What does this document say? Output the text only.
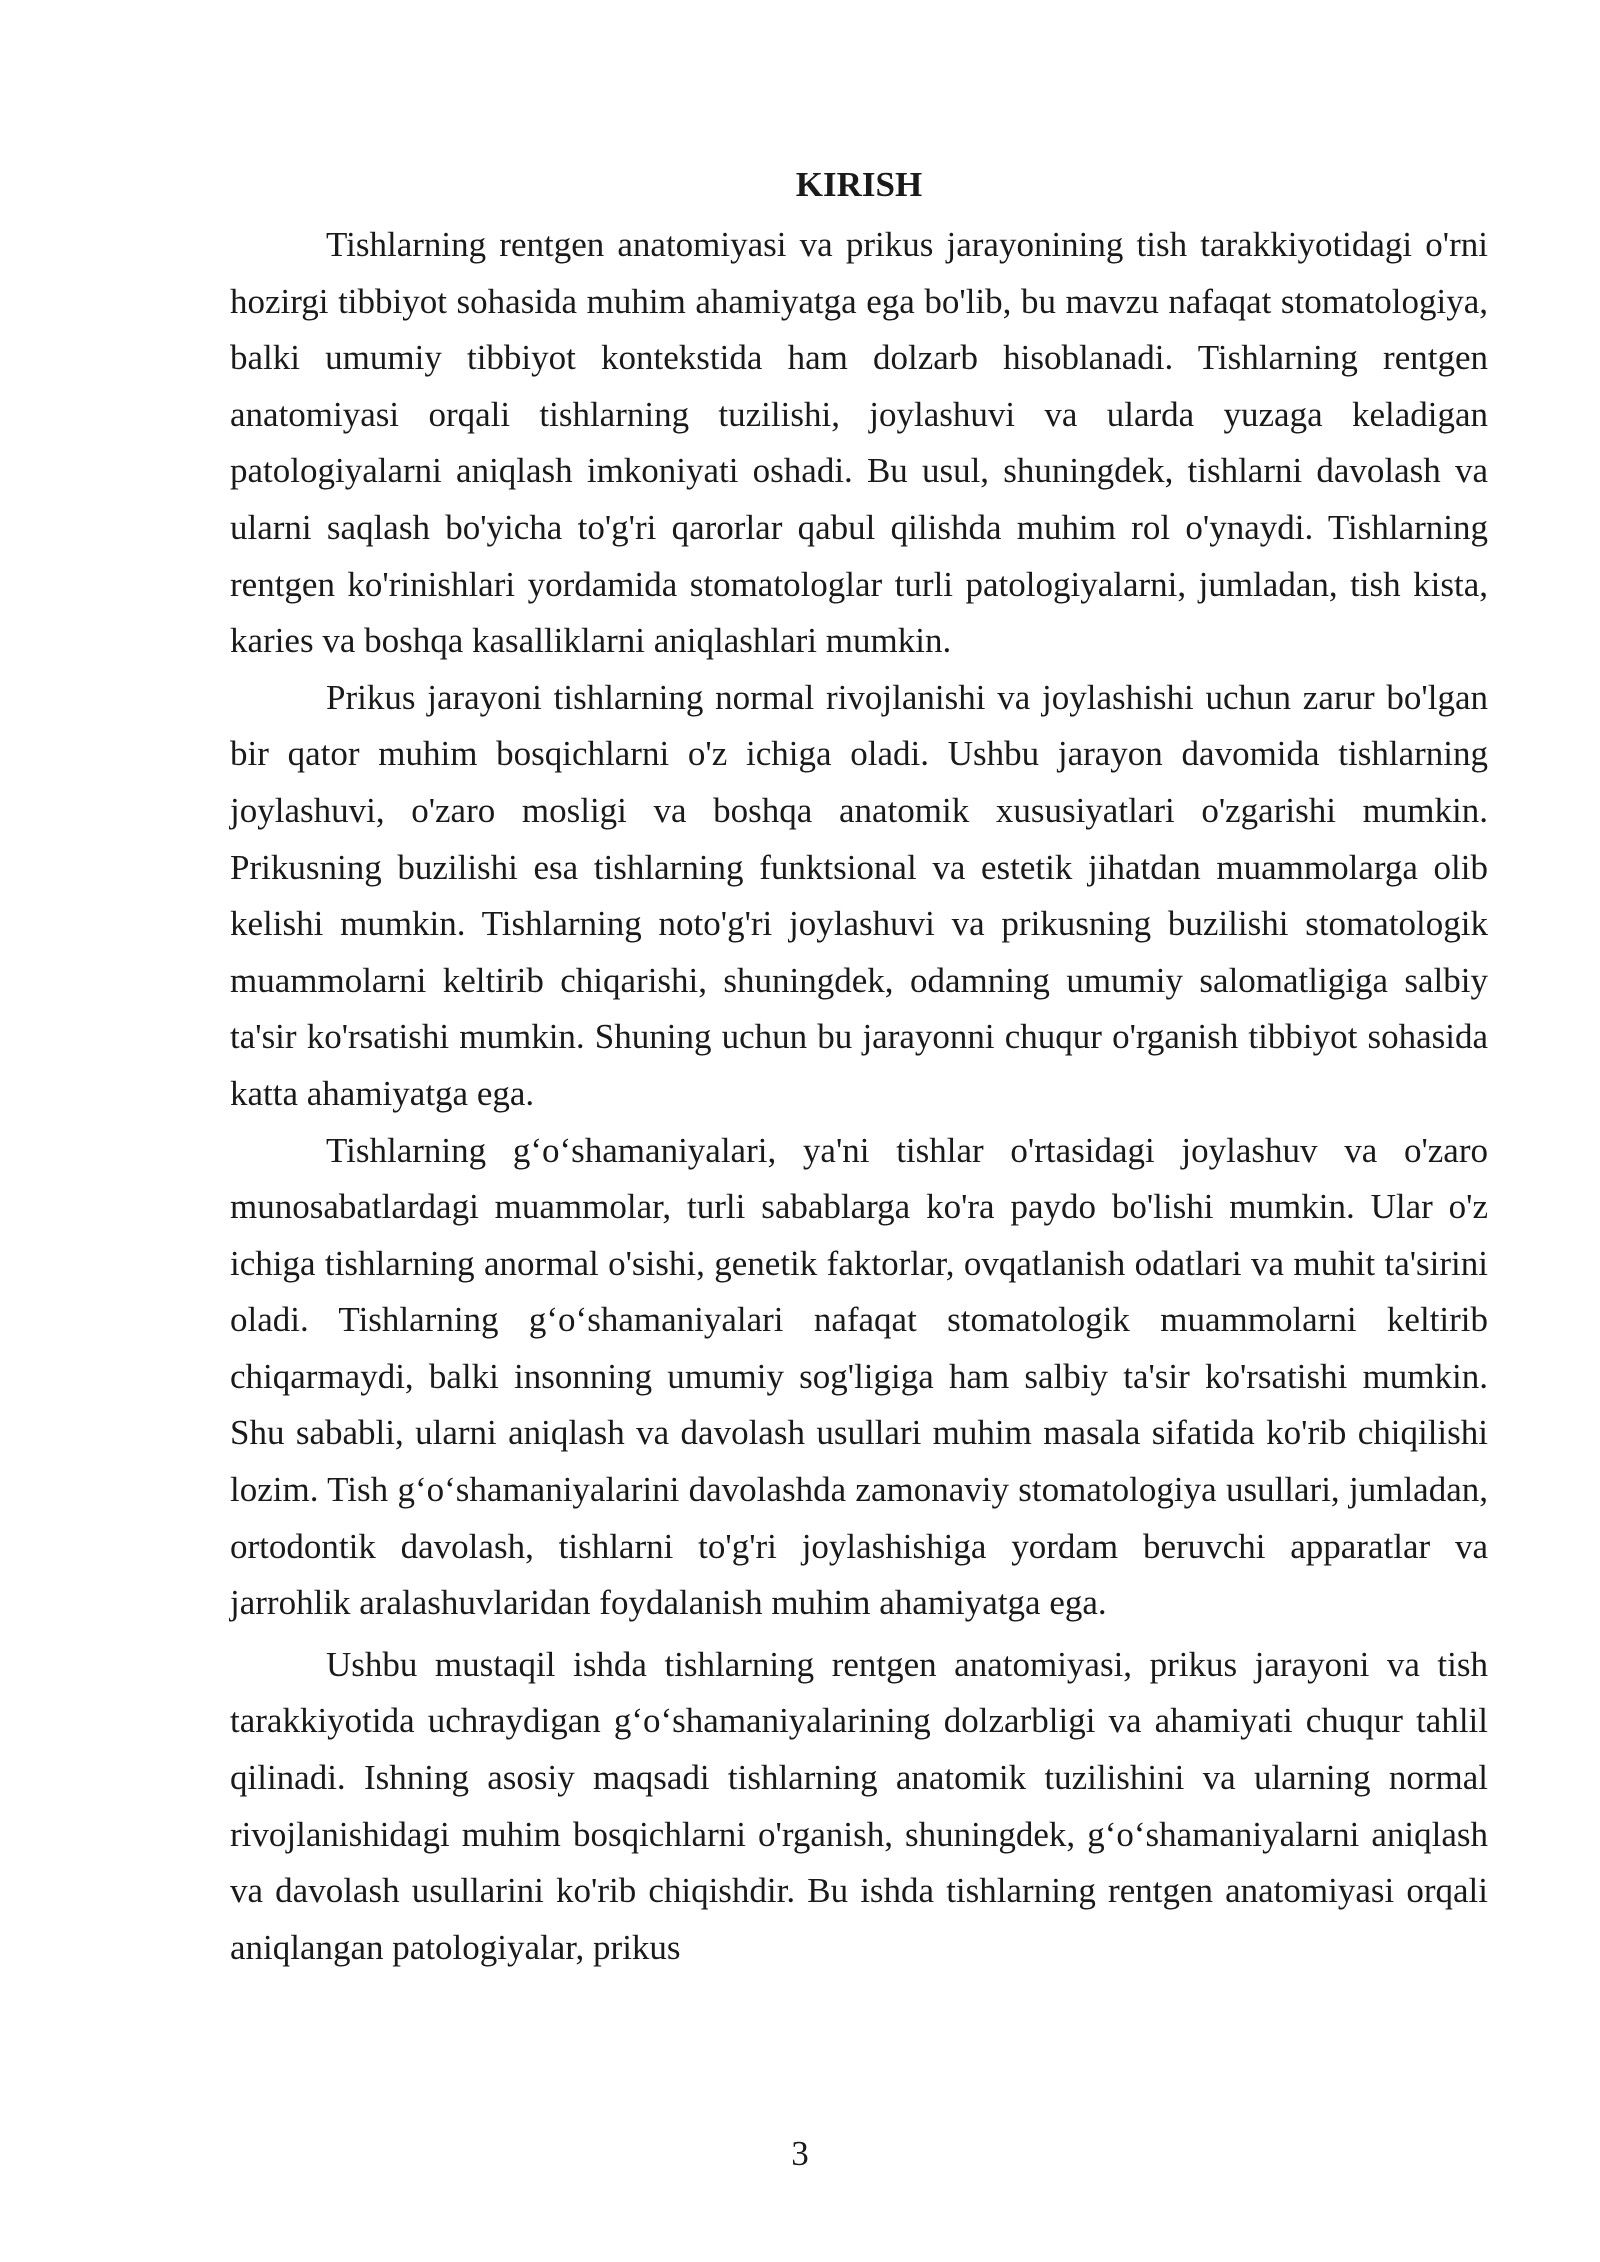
KIRISH

Tishlarning rentgen anatomiyasi va prikus jarayonining tish tarakkiyotidagi o'rni hozirgi tibbiyot sohasida muhim ahamiyatga ega bo'lib, bu mavzu nafaqat stomatologiya, balki umumiy tibbiyot kontekstida ham dolzarb hisoblanadi. Tishlarning rentgen anatomiyasi orqali tishlarning tuzilishi, joylashuvi va ularda yuzaga keladigan patologiyalarni aniqlash imkoniyati oshadi. Bu usul, shuningdek, tishlarni davolash va ularni saqlash bo'yicha to'g'ri qarorlar qabul qilishda muhim rol o'ynaydi. Tishlarning rentgen ko'rinishlari yordamida stomatologlar turli patologiyalarni, jumladan, tish kista, karies va boshqa kasalliklarni aniqlashlari mumkin.

Prikus jarayoni tishlarning normal rivojlanishi va joylashishi uchun zarur bo'lgan bir qator muhim bosqichlarni o'z ichiga oladi. Ushbu jarayon davomida tishlarning joylashuvi, o'zaro mosligi va boshqa anatomik xususiyatlari o'zgarishi mumkin. Prikusning buzilishi esa tishlarning funktsional va estetik jihatdan muammolarga olib kelishi mumkin. Tishlarning noto'g'ri joylashuvi va prikusning buzilishi stomatologik muammolarni keltirib chiqarishi, shuningdek, odamning umumiy salomatligiga salbiy ta'sir ko'rsatishi mumkin. Shuning uchun bu jarayonni chuqur o'rganish tibbiyot sohasida katta ahamiyatga ega.

Tishlarning g‘o‘shamaniyalari, ya'ni tishlar o'rtasidagi joylashuv va o'zaro munosabatlardagi muammolar, turli sabablarga ko'ra paydo bo'lishi mumkin. Ular o'z ichiga tishlarning anormal o'sishi, genetik faktorlar, ovqatlanish odatlari va muhit ta'sirini oladi. Tishlarning g‘o‘shamaniyalari nafaqat stomatologik muammolarni keltirib chiqarmaydi, balki insonning umumiy sog'ligiga ham salbiy ta'sir ko'rsatishi mumkin. Shu sababli, ularni aniqlash va davolash usullari muhim masala sifatida ko'rib chiqilishi lozim. Tish g‘o‘shamaniyalarini davolashda zamonaviy stomatologiya usullari, jumladan, ortodontik davolash, tishlarni to'g'ri joylashishiga yordam beruvchi apparatlar va jarrohlik aralashuvlaridan foydalanish muhim ahamiyatga ega.

Ushbu mustaqil ishda tishlarning rentgen anatomiyasi, prikus jarayoni va tish tarakkiyotida uchraydigan g‘o‘shamaniyalarining dolzarbligi va ahamiyati chuqur tahlil qilinadi. Ishning asosiy maqsadi tishlarning anatomik tuzilishini va ularning normal rivojlanishidagi muhim bosqichlarni o'rganish, shuningdek, g‘o‘shamaniyalarni aniqlash va davolash usullarini ko'rib chiqishdir. Bu ishda tishlarning rentgen anatomiyasi orqali aniqlangan patologiyalar, prikus

3
